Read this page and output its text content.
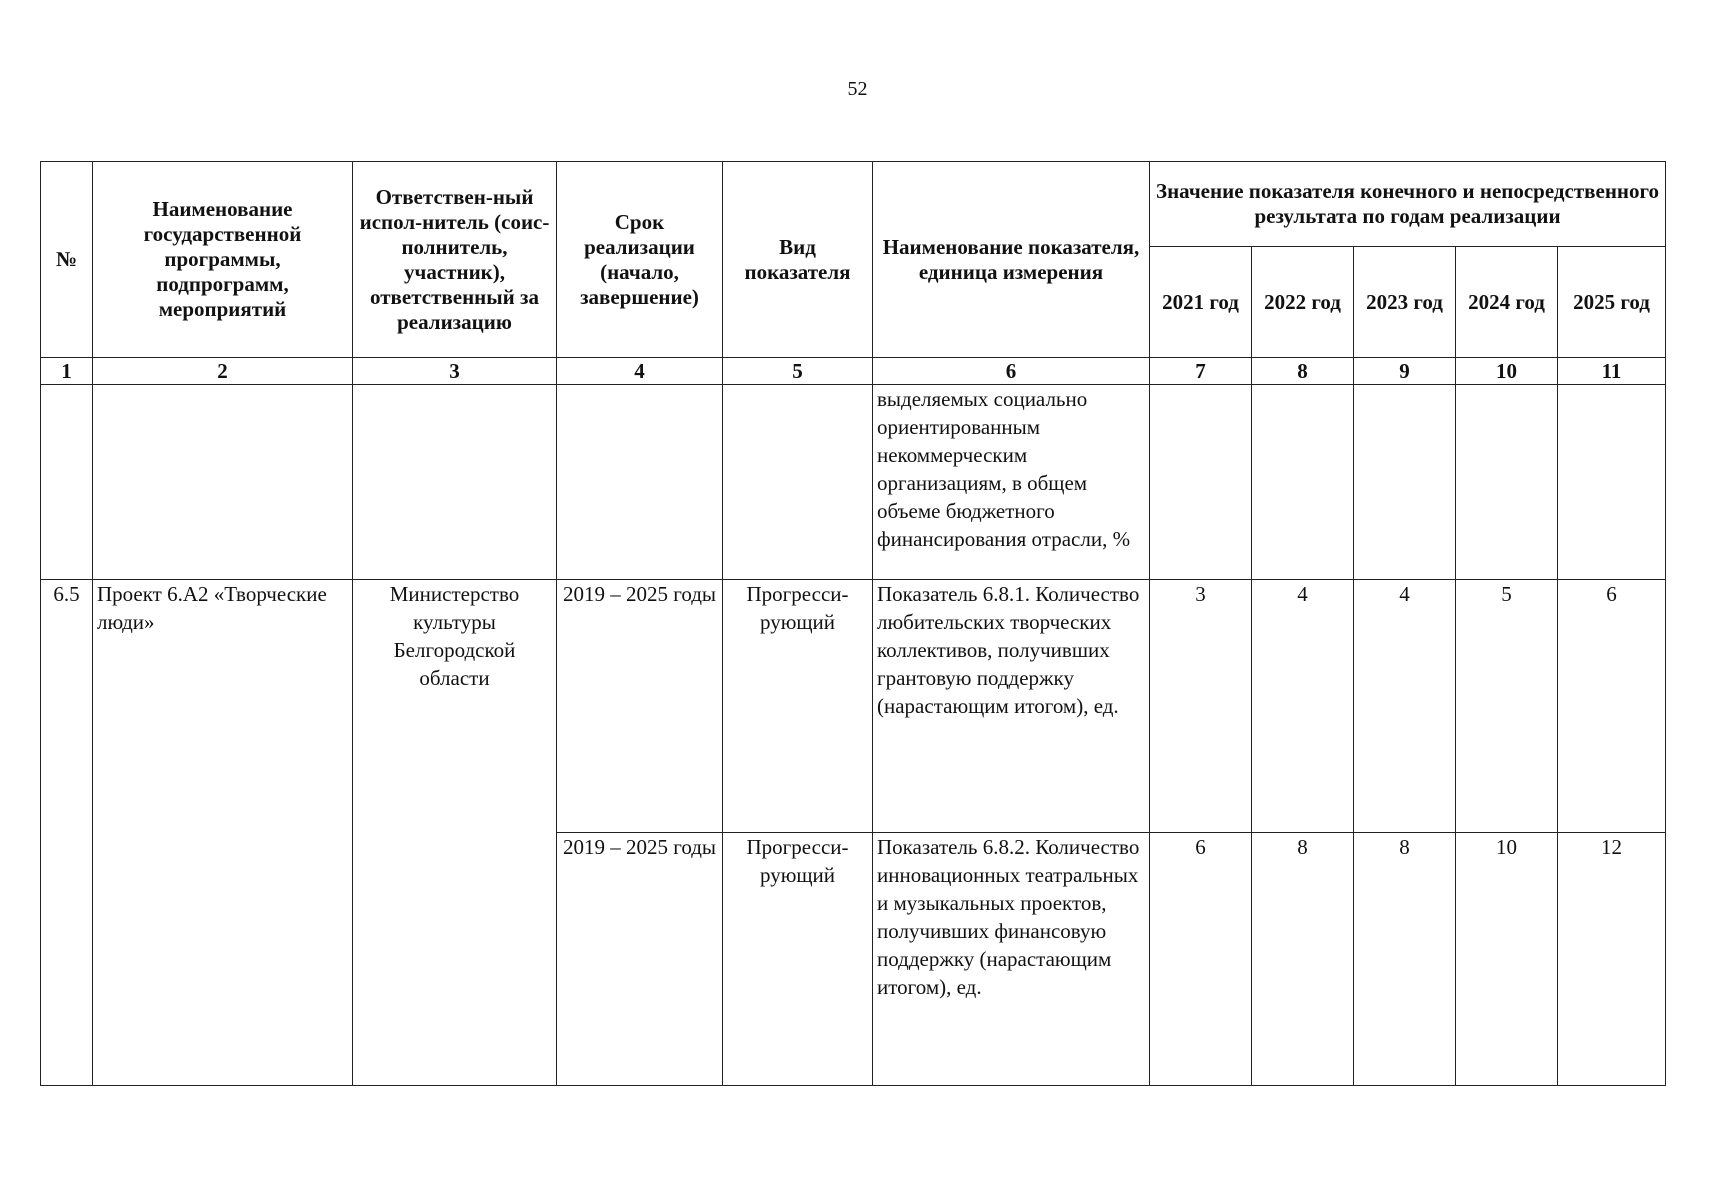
52
№	Наименование государственной программы, подпрограмм, мероприятий	Ответствен-ный испол-нитель (соис-полнитель, участник), ответственный за реализацию	Срок реализации (начало, завершение)	Вид показателя	Наименование показателя, единица измерения	Значение показателя конечного и непосредственного результата по годам реализации				
						2021 год	2022 год	2023 год	2024 год	2025 год
1	2	3	4	5	6	7	8	9	10	11
					выделяемых социально ориентированным некоммерческим организациям, в общем объеме бюджетного финансирования отрасли, %					
6.5	Проект 6.А2 «Творческие люди»	Министерство культуры Белгородской области	2019 – 2025 годы	Прогресси-рующий	Показатель 6.8.1. Количество любительских творческих коллективов, получивших грантовую поддержку (нарастающим итогом), ед.	3	4	4	5	6
			2019 – 2025 годы	Прогресси-рующий	Показатель 6.8.2. Количество инновационных театральных и музыкальных проектов, получивших финансовую поддержку (нарастающим итогом), ед.	6	8	8	10	12
